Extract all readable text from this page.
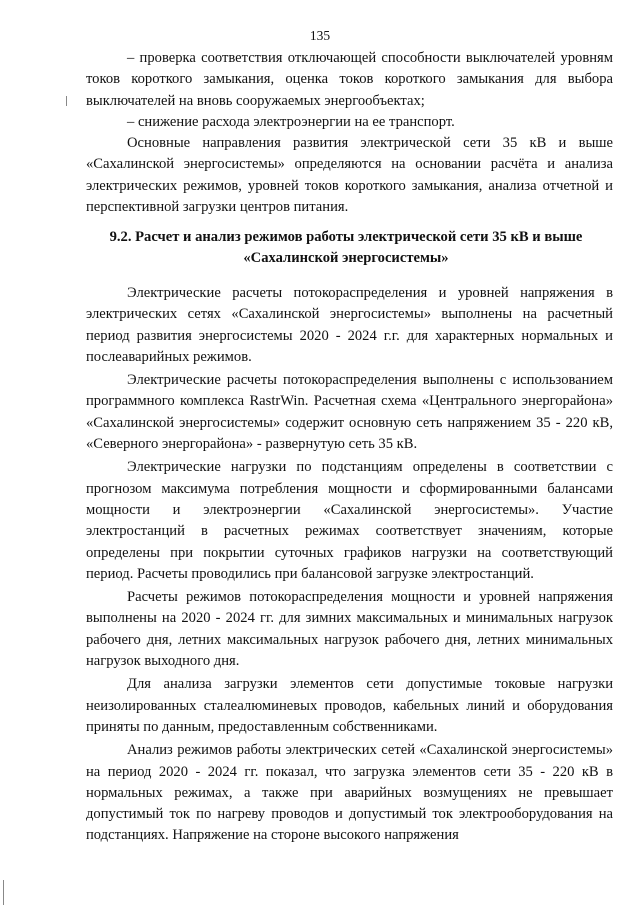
135

– проверка соответствия отключающей способности выключателей уровням токов короткого замыкания, оценка токов короткого замыкания для выбора выключателей на вновь сооружаемых энергообъектах;

– снижение расхода электроэнергии на ее транспорт.

Основные направления развития электрической сети 35 кВ и выше «Сахалинской энергосистемы» определяются на основании расчёта и анализа электрических режимов, уровней токов короткого замыкания, анализа отчетной и перспективной загрузки центров питания.

9.2. Расчет и анализ режимов работы электрической сети 35 кВ и выше «Сахалинской энергосистемы»

Электрические расчеты потокораспределения и уровней напряжения в электрических сетях «Сахалинской энергосистемы» выполнены на расчетный период развития энергосистемы 2020 - 2024 г.г. для характерных нормальных и послеаварийных режимов.

Электрические расчеты потокораспределения выполнены с использованием программного комплекса RastrWin. Расчетная схема «Центрального энергорайона» «Сахалинской энергосистемы» содержит основную сеть напряжением 35 - 220 кВ, «Северного энергорайона» - развернутую сеть 35 кВ.

Электрические нагрузки по подстанциям определены в соответствии с прогнозом максимума потребления мощности и сформированными балансами мощности и электроэнергии «Сахалинской энергосистемы». Участие электростанций в расчетных режимах соответствует значениям, которые определены при покрытии суточных графиков нагрузки на соответствующий период. Расчеты проводились при балансовой загрузке электростанций.

Расчеты режимов потокораспределения мощности и уровней напряжения выполнены на 2020 - 2024 гг. для зимних максимальных и минимальных нагрузок рабочего дня, летних максимальных нагрузок рабочего дня, летних минимальных нагрузок выходного дня.

Для анализа загрузки элементов сети допустимые токовые нагрузки неизолированных сталеалюминевых проводов, кабельных линий и оборудования приняты по данным, предоставленным собственниками.

Анализ режимов работы электрических сетей «Сахалинской энергосистемы» на период 2020 - 2024 гг. показал, что загрузка элементов сети 35 - 220 кВ в нормальных режимах, а также при аварийных возмущениях не превышает допустимый ток по нагреву проводов и допустимый ток электрооборудования на подстанциях. Напряжение на стороне высокого напряжения
